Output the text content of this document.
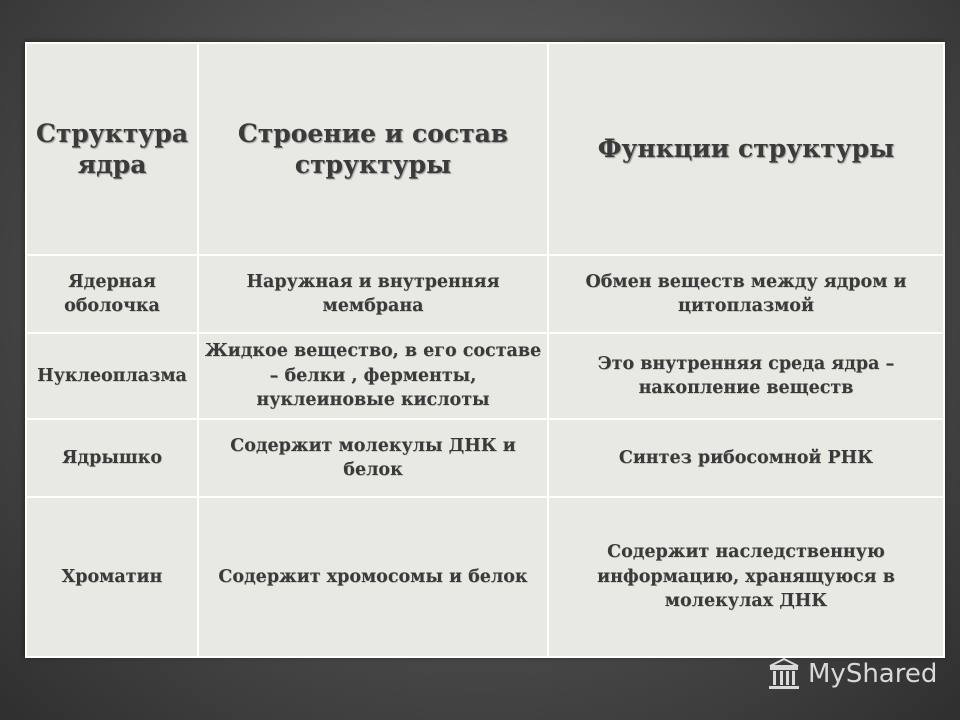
Структура ядра	Строение и состав структуры	Функции структуры
Ядерная оболочка	Наружная и внутренняя мембрана	Обмен веществ между ядром и цитоплазмой
Нуклеоплазма	Жидкое вещество, в его составе – белки , ферменты, нуклеиновые кислоты	Это внутренняя среда ядра – накопление веществ
Ядрышко	Содержит молекулы ДНК и белок	Синтез рибосомной РНК
Хроматин	Содержит хромосомы и белок	Содержит наследственную информацию, хранящуюся в молекулах ДНК
MyShared
